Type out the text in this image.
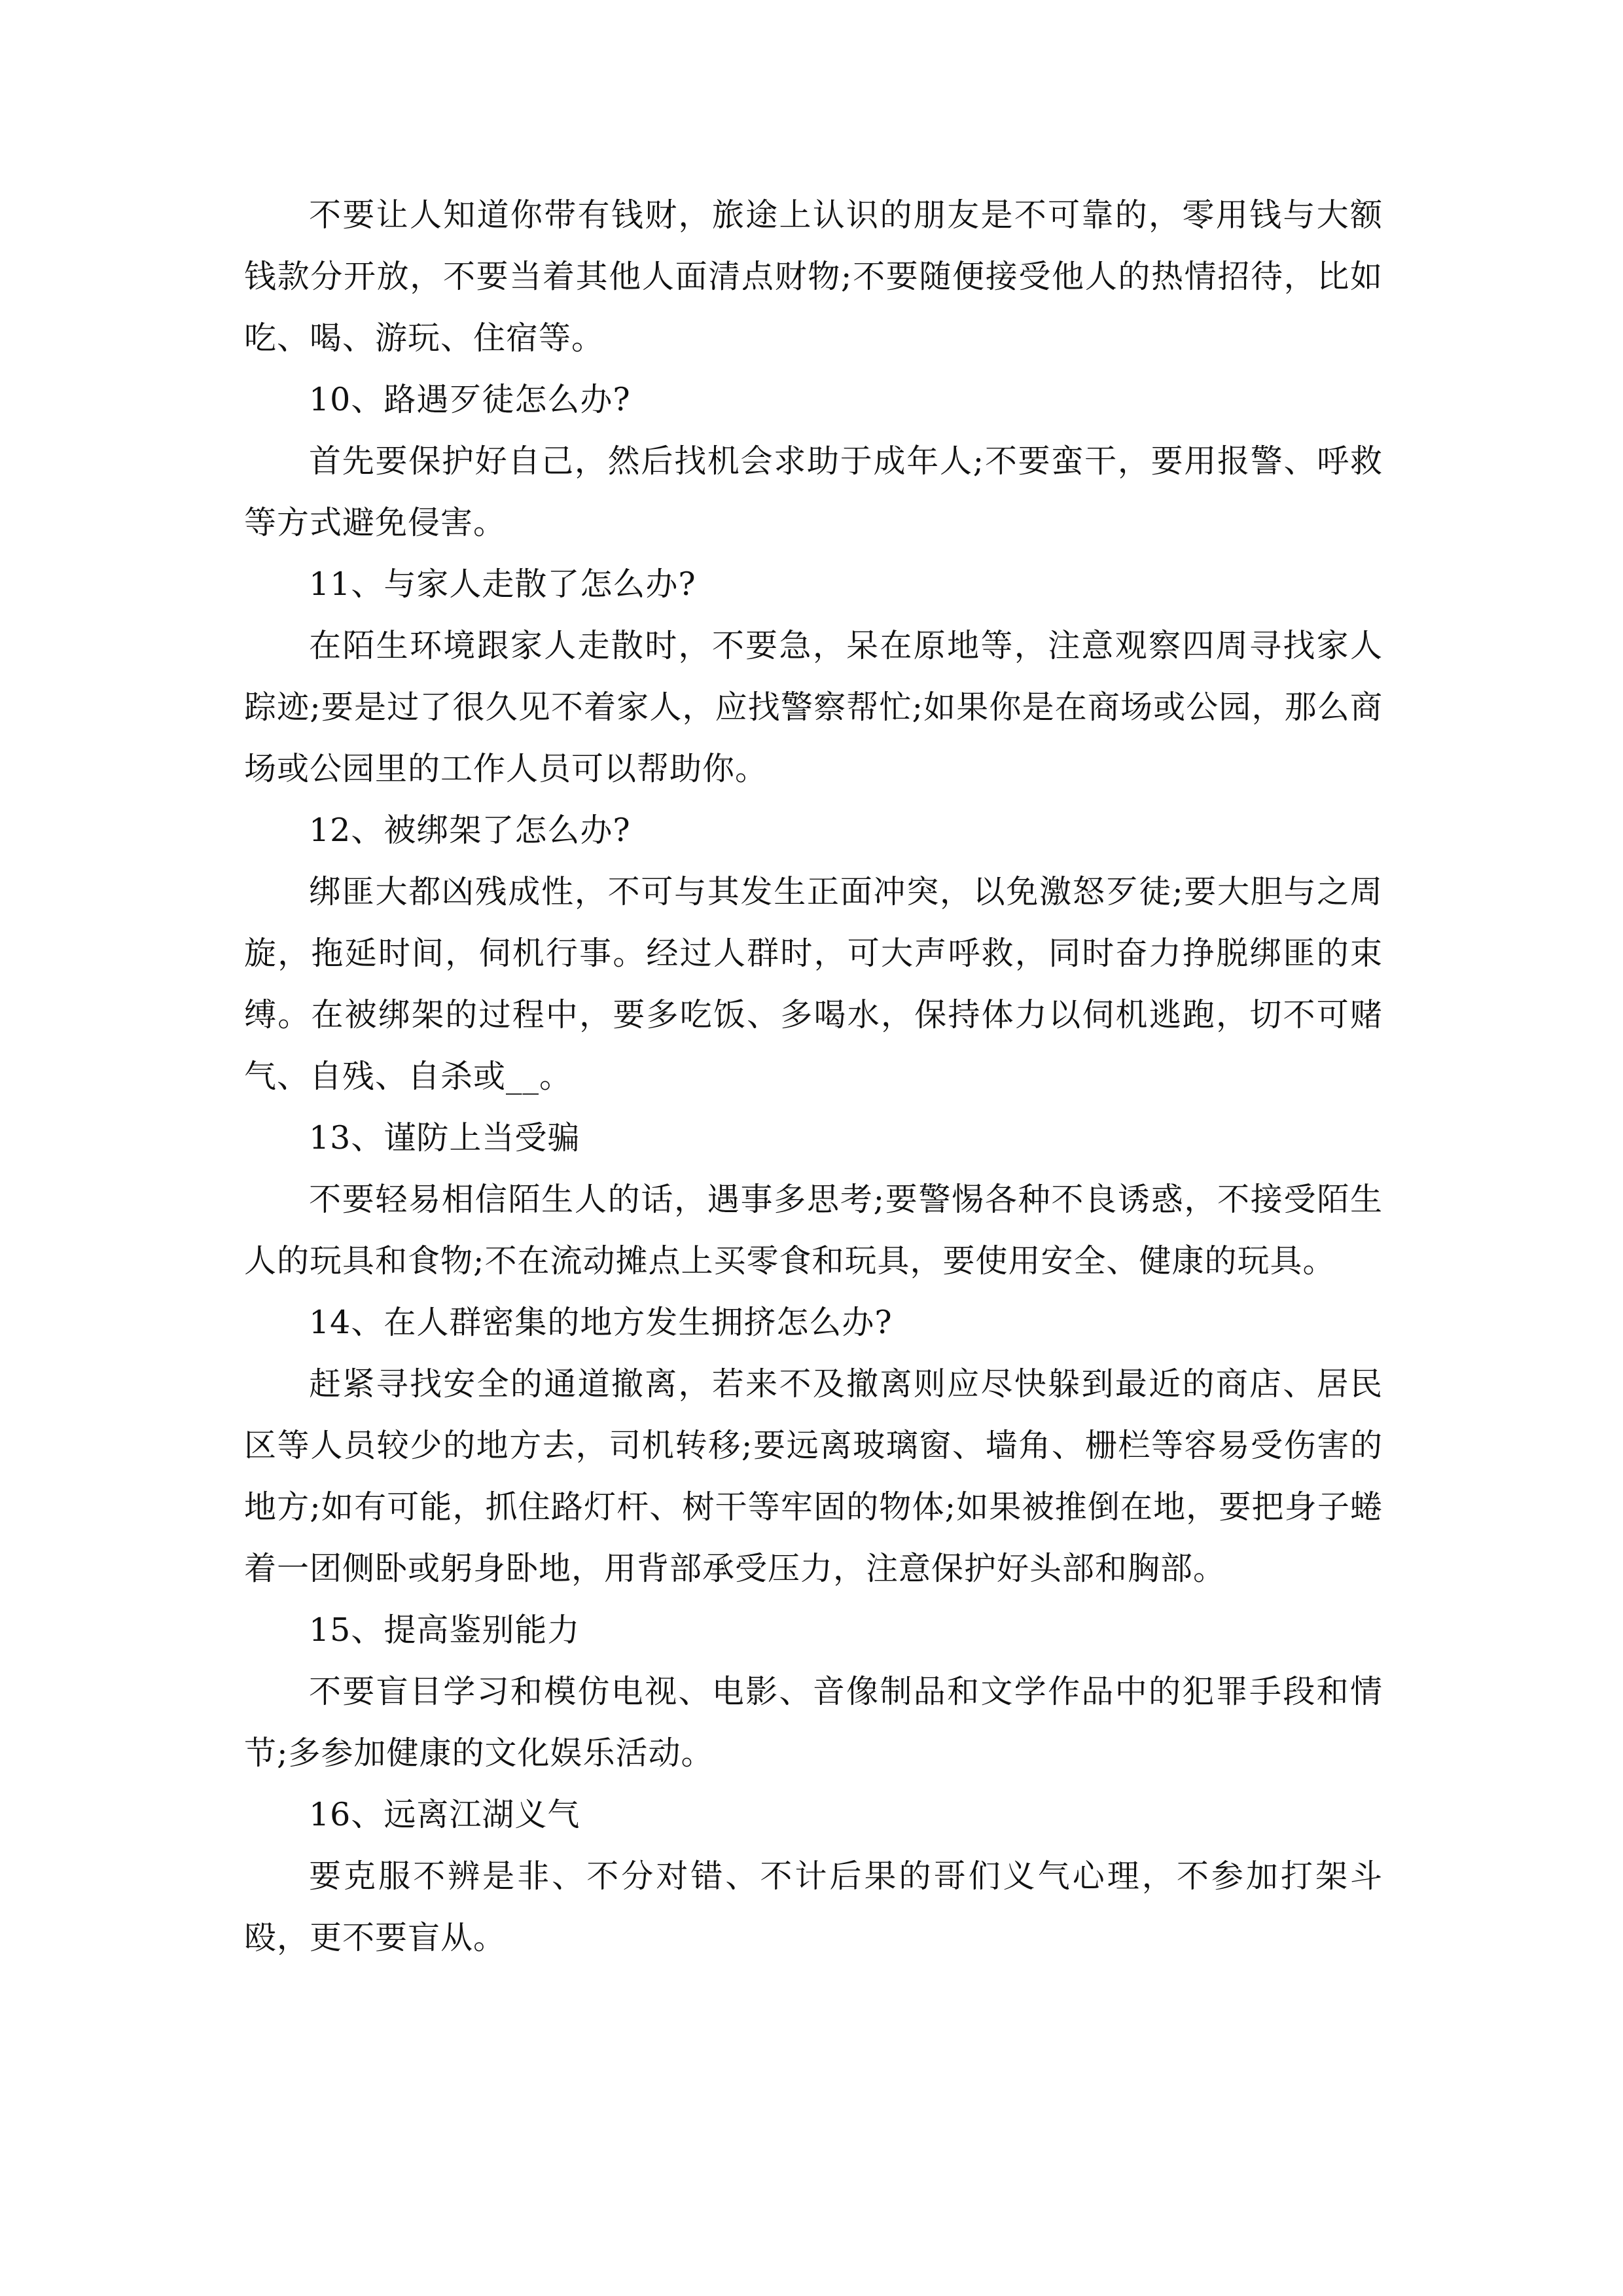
不要让人知道你带有钱财，旅途上认识的朋友是不可靠的，零用钱与大额钱款分开放，不要当着其他人面清点财物;不要随便接受他人的热情招待，比如吃、喝、游玩、住宿等。

10、路遇歹徒怎么办?

首先要保护好自己，然后找机会求助于成年人;不要蛮干，要用报警、呼救等方式避免侵害。

11、与家人走散了怎么办?

在陌生环境跟家人走散时，不要急，呆在原地等，注意观察四周寻找家人踪迹;要是过了很久见不着家人，应找警察帮忙;如果你是在商场或公园，那么商场或公园里的工作人员可以帮助你。

12、被绑架了怎么办?

绑匪大都凶残成性，不可与其发生正面冲突，以免激怒歹徒;要大胆与之周旋，拖延时间，伺机行事。经过人群时，可大声呼救，同时奋力挣脱绑匪的束缚。在被绑架的过程中，要多吃饭、多喝水，保持体力以伺机逃跑，切不可赌气、自残、自杀或__。

13、谨防上当受骗

不要轻易相信陌生人的话，遇事多思考;要警惕各种不良诱惑，不接受陌生人的玩具和食物;不在流动摊点上买零食和玩具，要使用安全、健康的玩具。

14、在人群密集的地方发生拥挤怎么办?

赶紧寻找安全的通道撤离，若来不及撤离则应尽快躲到最近的商店、居民区等人员较少的地方去，司机转移;要远离玻璃窗、墙角、栅栏等容易受伤害的地方;如有可能，抓住路灯杆、树干等牢固的物体;如果被推倒在地，要把身子蜷着一团侧卧或躬身卧地，用背部承受压力，注意保护好头部和胸部。

15、提高鉴别能力

不要盲目学习和模仿电视、电影、音像制品和文学作品中的犯罪手段和情节;多参加健康的文化娱乐活动。

16、远离江湖义气

要克服不辨是非、不分对错、不计后果的哥们义气心理，不参加打架斗殴，更不要盲从。
